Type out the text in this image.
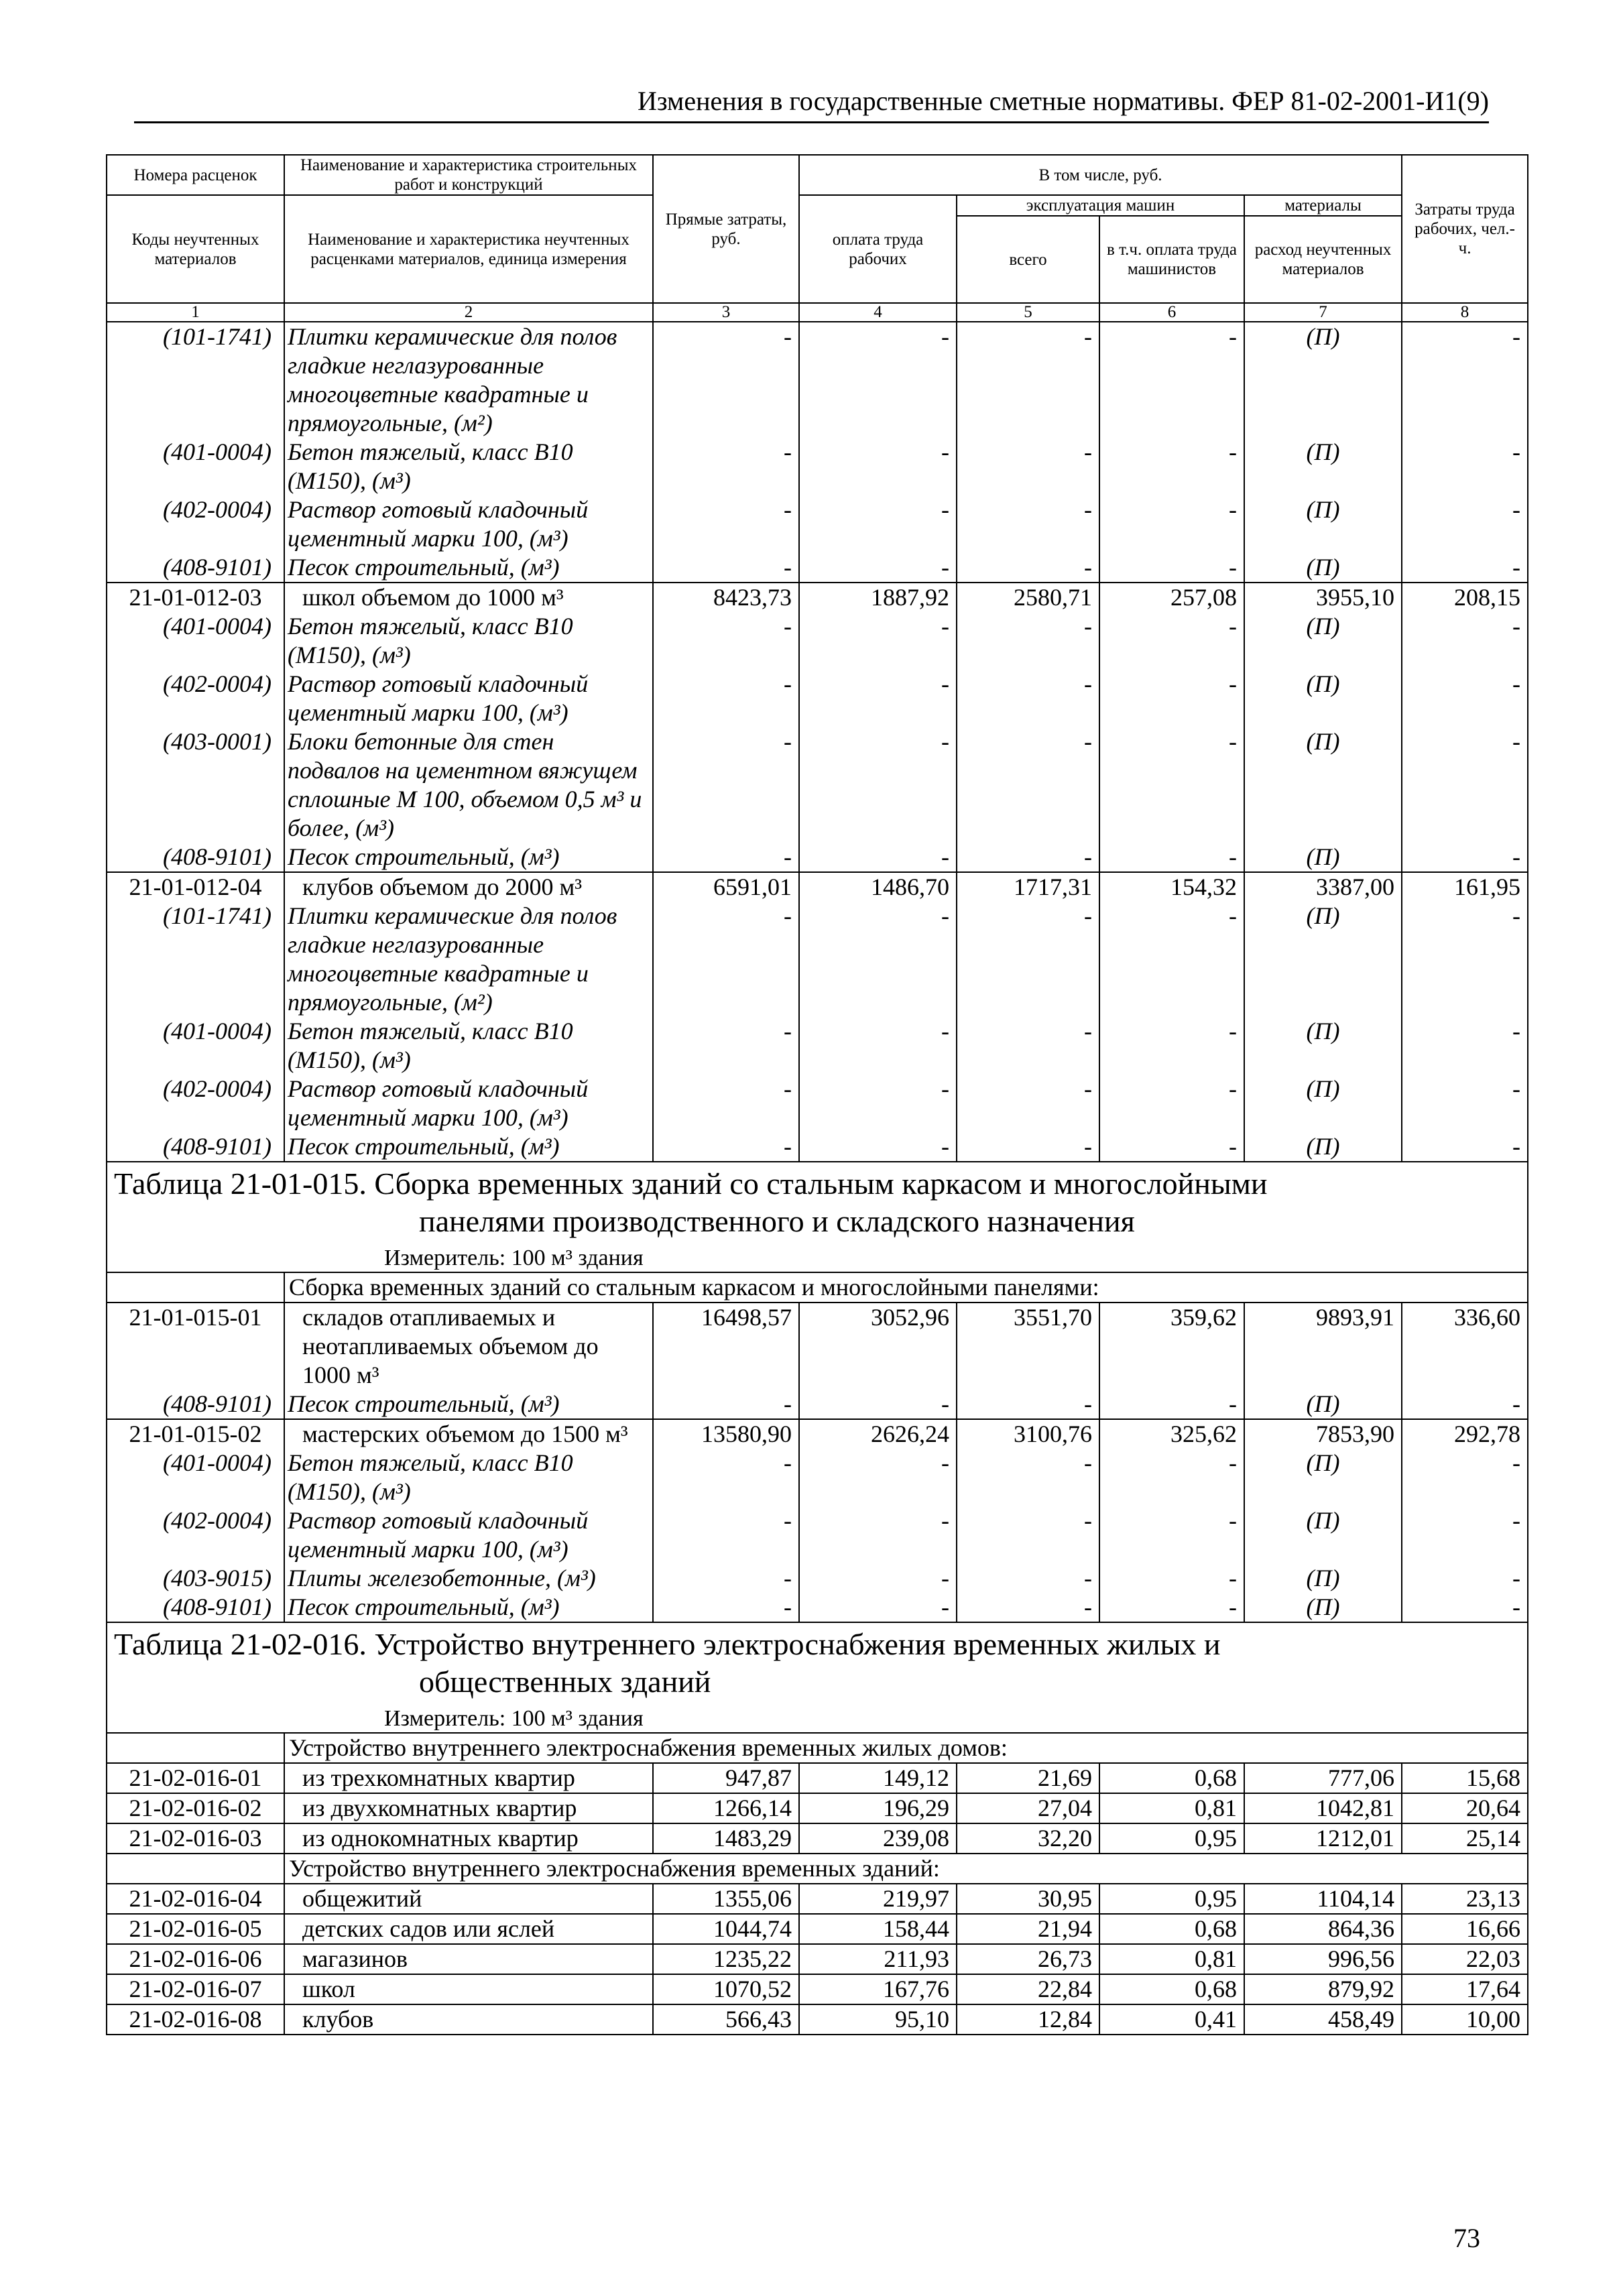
Изменения в государственные сметные нормативы. ФЕР 81-02-2001-И1(9)
Номера расценок	Наименование и характеристика строительных работ и конструкций	Прямые затраты, руб.	В том числе, руб.				Затраты труда рабочих, чел.-ч.
Коды неучтенных материалов	Наименование и характеристика неучтенных расценками материалов, единица измерения		оплата труда рабочих	эксплуатация машин		материалы	
				всего	в т.ч. оплата труда машинистов	расход неучтенных материалов	
1	2	3	4	5	6	7	8
(101-1741)	Плитки керамические для полов гладкие неглазурованные многоцветные квадратные и прямоугольные, (м²)	-	-	-	-	(П)	-
(401-0004)	Бетон тяжелый, класс В10 (М150), (м³)	-	-	-	-	(П)	-
(402-0004)	Раствор готовый кладочный цементный марки 100, (м³)	-	-	-	-	(П)	-
(408-9101)	Песок строительный, (м³)	-	-	-	-	(П)	-
21-01-012-03	школ объемом до 1000 м³	8423,73	1887,92	2580,71	257,08	3955,10	208,15
(401-0004)	Бетон тяжелый, класс В10 (М150), (м³)	-	-	-	-	(П)	-
(402-0004)	Раствор готовый кладочный цементный марки 100, (м³)	-	-	-	-	(П)	-
(403-0001)	Блоки бетонные для стен подвалов на цементном вяжущем сплошные М 100, объемом 0,5 м³ и более, (м³)	-	-	-	-	(П)	-
(408-9101)	Песок строительный, (м³)	-	-	-	-	(П)	-
21-01-012-04	клубов объемом до 2000 м³	6591,01	1486,70	1717,31	154,32	3387,00	161,95
(101-1741)	Плитки керамические для полов гладкие неглазурованные многоцветные квадратные и прямоугольные, (м²)	-	-	-	-	(П)	-
(401-0004)	Бетон тяжелый, класс В10 (М150), (м³)	-	-	-	-	(П)	-
(402-0004)	Раствор готовый кладочный цементный марки 100, (м³)	-	-	-	-	(П)	-
(408-9101)	Песок строительный, (м³)	-	-	-	-	(П)	-

Таблица 21-01-015. Сборка временных зданий со стальным каркасом и многослойными
панелями производственного и складского назначения							

Измеритель: 100 м³ здания							
	Сборка временных зданий со стальным каркасом и многослойными панелями:						
21-01-015-01	складов отапливаемых и неотапливаемых объемом до 1000 м³	16498,57	3052,96	3551,70	359,62	9893,91	336,60
(408-9101)	Песок строительный, (м³)	-	-	-	-	(П)	-
21-01-015-02	мастерских объемом до 1500 м³	13580,90	2626,24	3100,76	325,62	7853,90	292,78
(401-0004)	Бетон тяжелый, класс В10 (М150), (м³)	-	-	-	-	(П)	-
(402-0004)	Раствор готовый кладочный цементный марки 100, (м³)	-	-	-	-	(П)	-
(403-9015)	Плиты железобетонные, (м³)	-	-	-	-	(П)	-
(408-9101)	Песок строительный, (м³)	-	-	-	-	(П)	-

Таблица 21-02-016. Устройство внутреннего электроснабжения временных жилых и
общественных зданий							

Измеритель: 100 м³ здания							
	Устройство внутреннего электроснабжения временных жилых домов:						
21-02-016-01	из трехкомнатных квартир	947,87	149,12	21,69	0,68	777,06	15,68
21-02-016-02	из двухкомнатных квартир	1266,14	196,29	27,04	0,81	1042,81	20,64
21-02-016-03	из однокомнатных квартир	1483,29	239,08	32,20	0,95	1212,01	25,14
	Устройство внутреннего электроснабжения временных зданий:						
21-02-016-04	общежитий	1355,06	219,97	30,95	0,95	1104,14	23,13
21-02-016-05	детских садов или яслей	1044,74	158,44	21,94	0,68	864,36	16,66
21-02-016-06	магазинов	1235,22	211,93	26,73	0,81	996,56	22,03
21-02-016-07	школ	1070,52	167,76	22,84	0,68	879,92	17,64
21-02-016-08	клубов	566,43	95,10	12,84	0,41	458,49	10,00
73
